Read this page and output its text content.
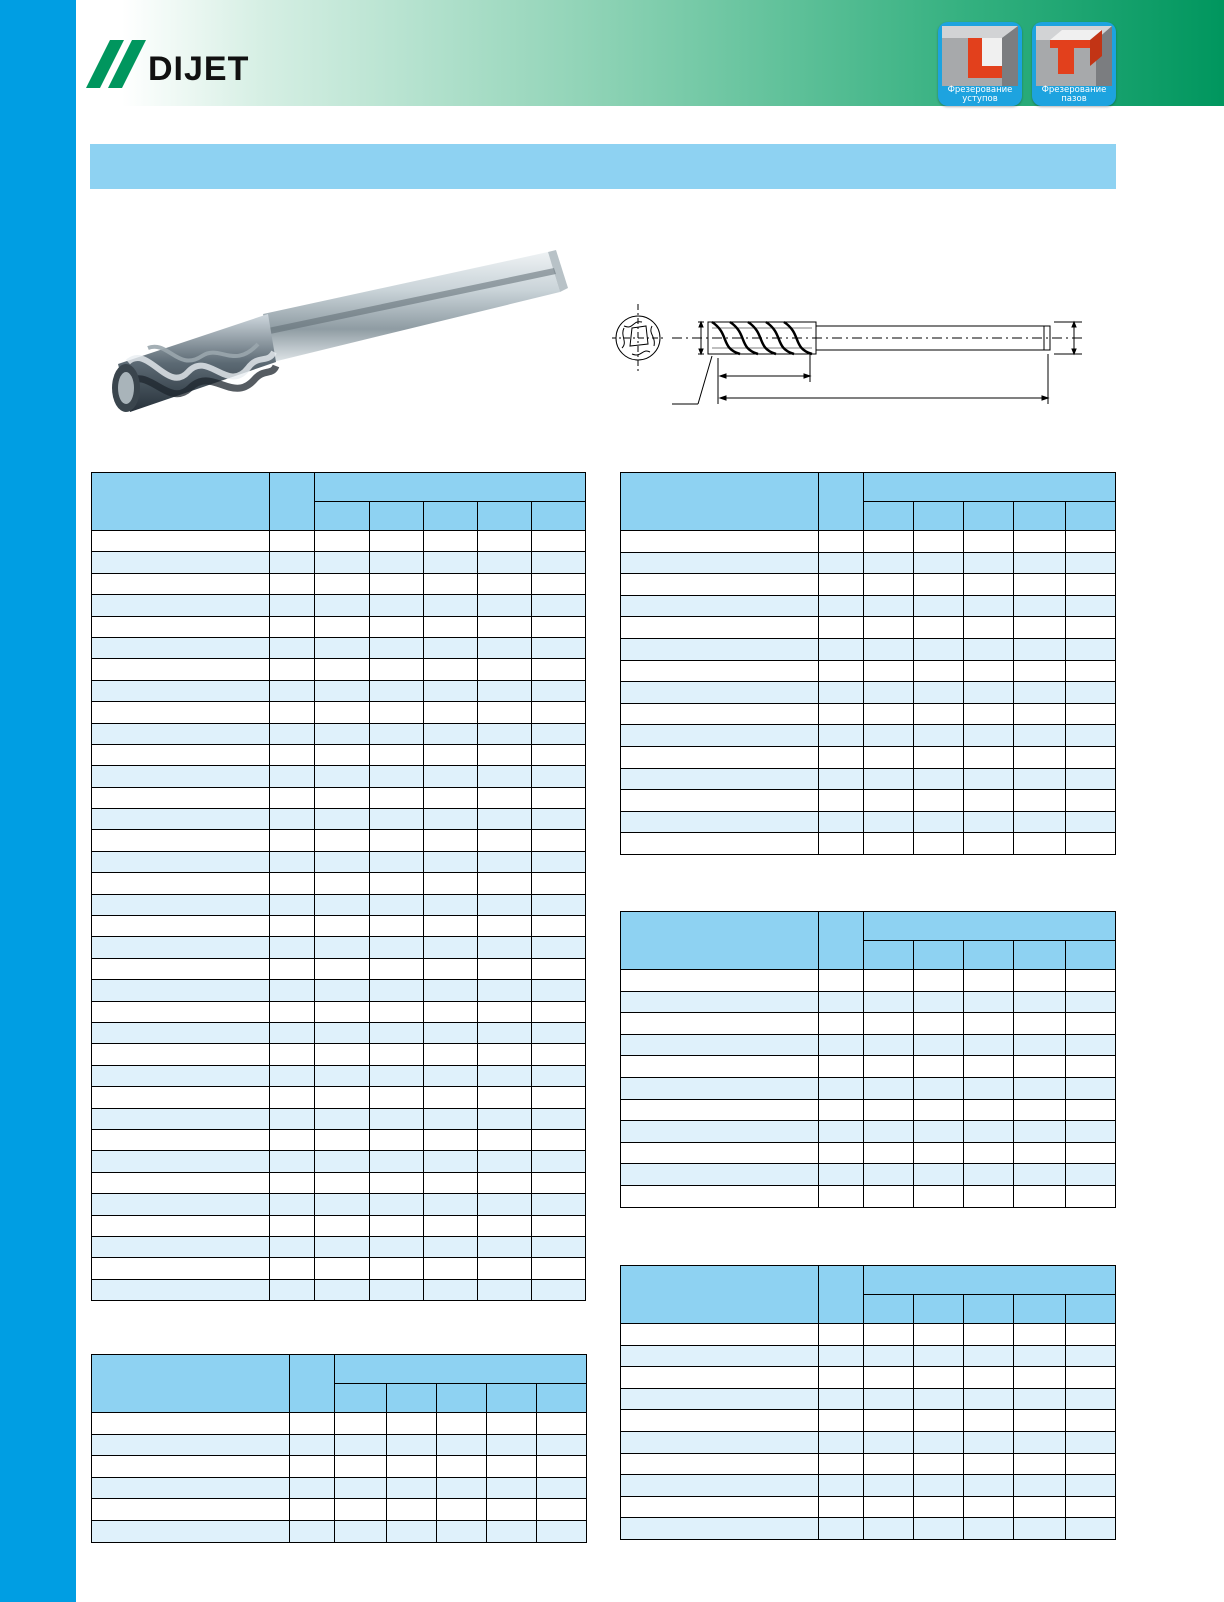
DIJET
Фрезерование
уступов
Фрезерование
пазов
